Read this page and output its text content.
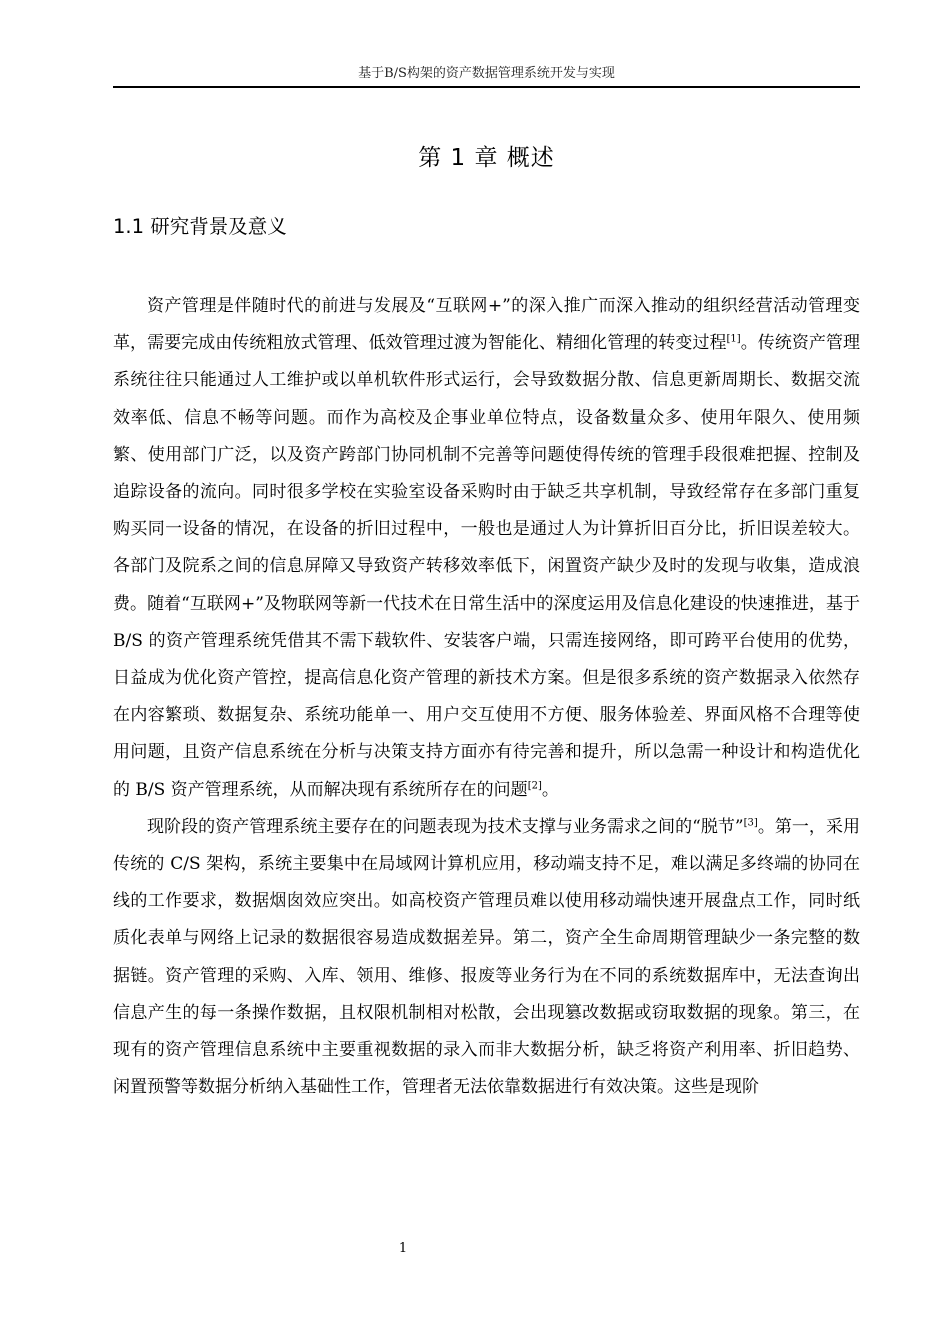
基于B/S构架的资产数据管理系统开发与实现
第 1 章 概述
1.1 研究背景及意义

资产管理是伴随时代的前进与发展及“互联网+”的深入推广而深入推动的组织经营活动管理变革，需要完成由传统粗放式管理、低效管理过渡为智能化、精细化管理的转变过程[1]。传统资产管理系统往往只能通过人工维护或以单机软件形式运行，会导致数据分散、信息更新周期长、数据交流效率低、信息不畅等问题。而作为高校及企事业单位特点，设备数量众多、使用年限久、使用频繁、使用部门广泛，以及资产跨部门协同机制不完善等问题使得传统的管理手段很难把握、控制及追踪设备的流向。同时很多学校在实验室设备采购时由于缺乏共享机制，导致经常存在多部门重复购买同一设备的情况，在设备的折旧过程中，一般也是通过人为计算折旧百分比，折旧误差较大。各部门及院系之间的信息屏障又导致资产转移效率低下，闲置资产缺少及时的发现与收集，造成浪费。随着“互联网+”及物联网等新一代技术在日常生活中的深度运用及信息化建设的快速推进，基于 B/S 的资产管理系统凭借其不需下载软件、安装客户端，只需连接网络，即可跨平台使用的优势，日益成为优化资产管控，提高信息化资产管理的新技术方案。但是很多系统的资产数据录入依然存在内容繁琐、数据复杂、系统功能单一、用户交互使用不方便、服务体验差、界面风格不合理等使用问题，且资产信息系统在分析与决策支持方面亦有待完善和提升，所以急需一种设计和构造优化的 B/S 资产管理系统，从而解决现有系统所存在的问题[2]。

现阶段的资产管理系统主要存在的问题表现为技术支撑与业务需求之间的“脱节”[3]。第一，采用传统的 C/S 架构，系统主要集中在局域网计算机应用，移动端支持不足，难以满足多终端的协同在线的工作要求，数据烟囱效应突出。如高校资产管理员难以使用移动端快速开展盘点工作，同时纸质化表单与网络上记录的数据很容易造成数据差异。第二，资产全生命周期管理缺少一条完整的数据链。资产管理的采购、入库、领用、维修、报废等业务行为在不同的系统数据库中，无法查询出信息产生的每一条操作数据，且权限机制相对松散，会出现篡改数据或窃取数据的现象。第三，在现有的资产管理信息系统中主要重视数据的录入而非大数据分析，缺乏将资产利用率、折旧趋势、闲置预警等数据分析纳入基础性工作，管理者无法依靠数据进行有效决策。这些是现阶

1
